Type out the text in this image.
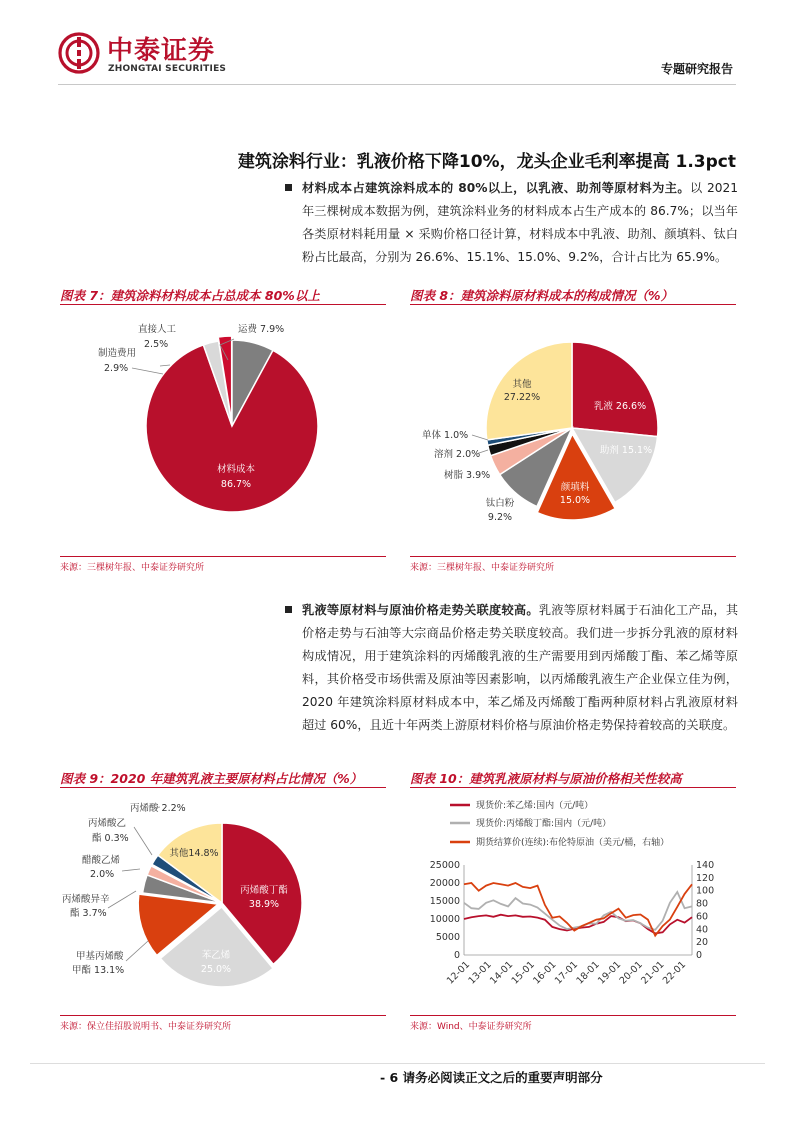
中泰证券
ZHONGTAI SECURITIES	专题研究报告
建筑涂料行业：乳液价格下降10%，龙头企业毛利率提高 1.3pct
材料成本占建筑涂料成本的 80%以上，以乳液、助剂等原材料为主。以 2021 年三棵树成本数据为例，建筑涂料业务的材料成本占生产成本的 86.7%；以当年各类原材料耗用量 × 采购价格口径计算，材料成本中乳液、助剂、颜填料、钛白粉占比最高，分别为 26.6%、15.1%、15.0%、9.2%，合计占比为 65.9%。
图表 7：建筑涂料材料成本占总成本 80%以上
运费 7.9%
直接人工
2.5%
制造费用
2.9%
材料成本
86.7%
来源：三棵树年报、中泰证券研究所
图表 8：建筑涂料原材料成本的构成情况（%）
其他
27.22%
乳液 26.6%
助剂 15.1%
颜填料
15.0%
钛白粉
9.2%
树脂 3.9%
溶剂 2.0%
单体 1.0%
来源：三棵树年报、中泰证券研究所
乳液等原材料与原油价格走势关联度较高。乳液等原材料属于石油化工产品，其价格走势与石油等大宗商品价格走势关联度较高。我们进一步拆分乳液的原材料构成情况，用于建筑涂料的丙烯酸乳液的生产需要用到丙烯酸丁酯、苯乙烯等原料，其价格受市场供需及原油等因素影响，以丙烯酸乳液生产企业保立佳为例，2020 年建筑涂料原材料成本中，苯乙烯及丙烯酸丁酯两种原材料占乳液原材料超过 60%，且近十年两类上游原材料价格与原油价格走势保持着较高的关联度。
图表 9：2020 年建筑乳液主要原材料占比情况（%）
丙烯酸丁酯
38.9%
苯乙烯
25.0%
其他14.8%
丙烯酸 2.2%
丙烯酸乙
酯 0.3%
醋酸乙烯
2.0%
丙烯酸异辛
酯 3.7%
甲基丙烯酸
甲酯 13.1%
来源：保立佳招股说明书、中泰证券研究所
图表 10：建筑乳液原材料与原油价格相关性较高
现货价:苯乙烯:国内（元/吨）
现货价:丙烯酸丁酯:国内（元/吨）
期货结算价(连续):布伦特原油（美元/桶，右轴）
0
5000
10000
15000
20000
25000
0
20
40
60
80
100
120
140
12-01
13-01
14-01
15-01
16-01
17-01
18-01
19-01
20-01
21-01
22-01
来源：Wind、中泰证券研究所
- 6 请务必阅读正文之后的重要声明部分
